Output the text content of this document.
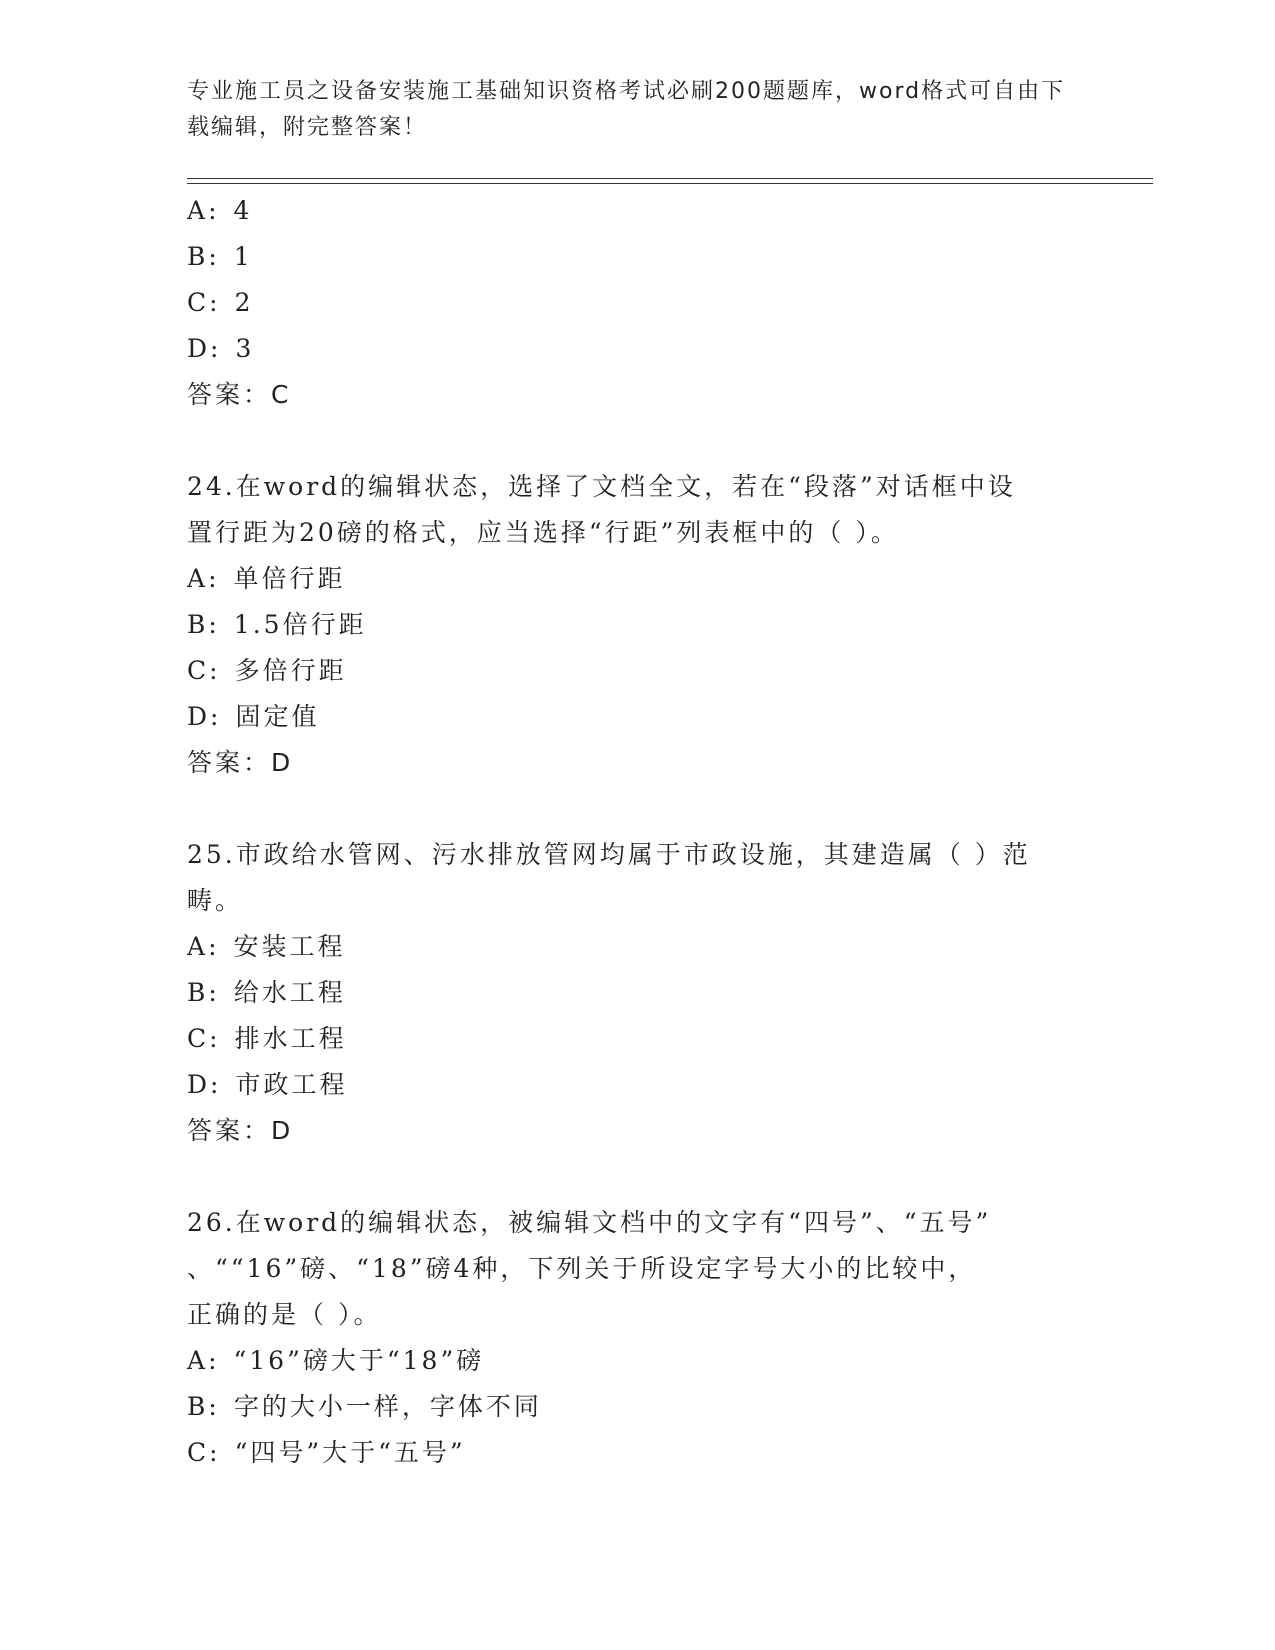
专业施工员之设备安装施工基础知识资格考试必刷200题题库，word格式可自由下载编辑，附完整答案！
A: 4
B: 1
C: 2
D: 3
答案：C
24.在word的编辑状态，选择了文档全文，若在“段落”对话框中设
置行距为20磅的格式，应当选择“行距”列表框中的（ ）。
A: 单倍行距
B: 1.5倍行距
C: 多倍行距
D: 固定值
答案：D
25.市政给水管网、污水排放管网均属于市政设施，其建造属（ ）范
畴。
A: 安装工程
B: 给水工程
C: 排水工程
D: 市政工程
答案：D
26.在word的编辑状态，被编辑文档中的文字有“四号”、“五号”
、““16”磅、“18”磅4种，下列关于所设定字号大小的比较中，
正确的是（ ）。
A: “16”磅大于“18”磅
B: 字的大小一样，字体不同
C: “四号”大于“五号”
